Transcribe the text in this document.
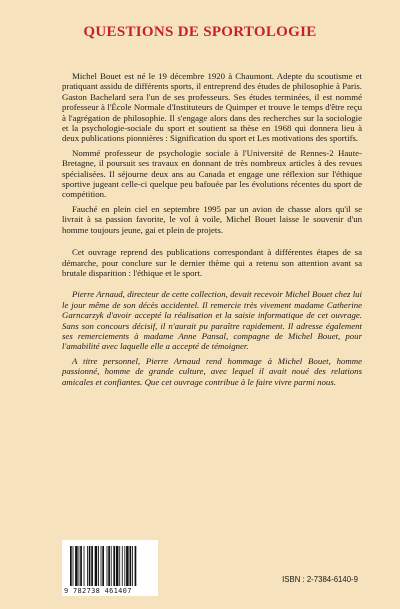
QUESTIONS DE SPORTOLOGIE

Michel Bouet est né le 19 décembre 1920 à Chaumont. Adepte du scoutisme et pratiquant assidu de différents sports, il entreprend des études de philosophie à Paris. Gaston Bachelard sera l'un de ses professeurs. Ses études terminées, il est nommé professeur à l'École Normale d'Instituteurs de Quimper et trouve le temps d'être reçu à l'agrégation de philosophie. Il s'engage alors dans des recherches sur la sociologie et la psychologie-sociale du sport et soutient sa thèse en 1968 qui donnera lieu à deux publications pionnières : Signification du sport et Les motivations des sportifs.

Nommé professeur de psychologie sociale à l'Université de Rennes-2 Haute-Bretagne, il poursuit ses travaux en donnant de très nombreux articles à des revues spécialisées. Il séjourne deux ans au Canada et engage une réflexion sur l'éthique sportive jugeant celle-ci quelque peu bafouée par les évolutions récentes du sport de compétition.

Fauché en plein ciel en septembre 1995 par un avion de chasse alors qu'il se livrait à sa passion favorite, le vol à voile, Michel Bouet laisse le souvenir d'un homme toujours jeune, gai et plein de projets.

Cet ouvrage reprend des publications correspondant à différentes étapes de sa démarche, pour conclure sur le dernier thème qui a retenu son attention avant sa brutale disparition : l'éthique et le sport.

Pierre Arnaud, directeur de cette collection, devait recevoir Michel Bouet chez lui le jour même de son décès accidentel. Il remercie très vivement madame Catherine Garncarzyk d'avoir accepté la réalisation et la saisie informatique de cet ouvrage. Sans son concours décisif, il n'aurait pu paraître rapidement. Il adresse également ses remerciements à madame Anne Pansal, compagne de Michel Bouet, pour l'amabilité avec laquelle elle a accepté de témoigner.

A titre personnel, Pierre Arnaud rend hommage à Michel Bouet, homme passionné, homme de grande culture, avec lequel il avait noué des relations amicales et confiantes. Que cet ouvrage contribue à le faire vivre parmi nous.

9 782738 461407
ISBN : 2-7384-6140-9
